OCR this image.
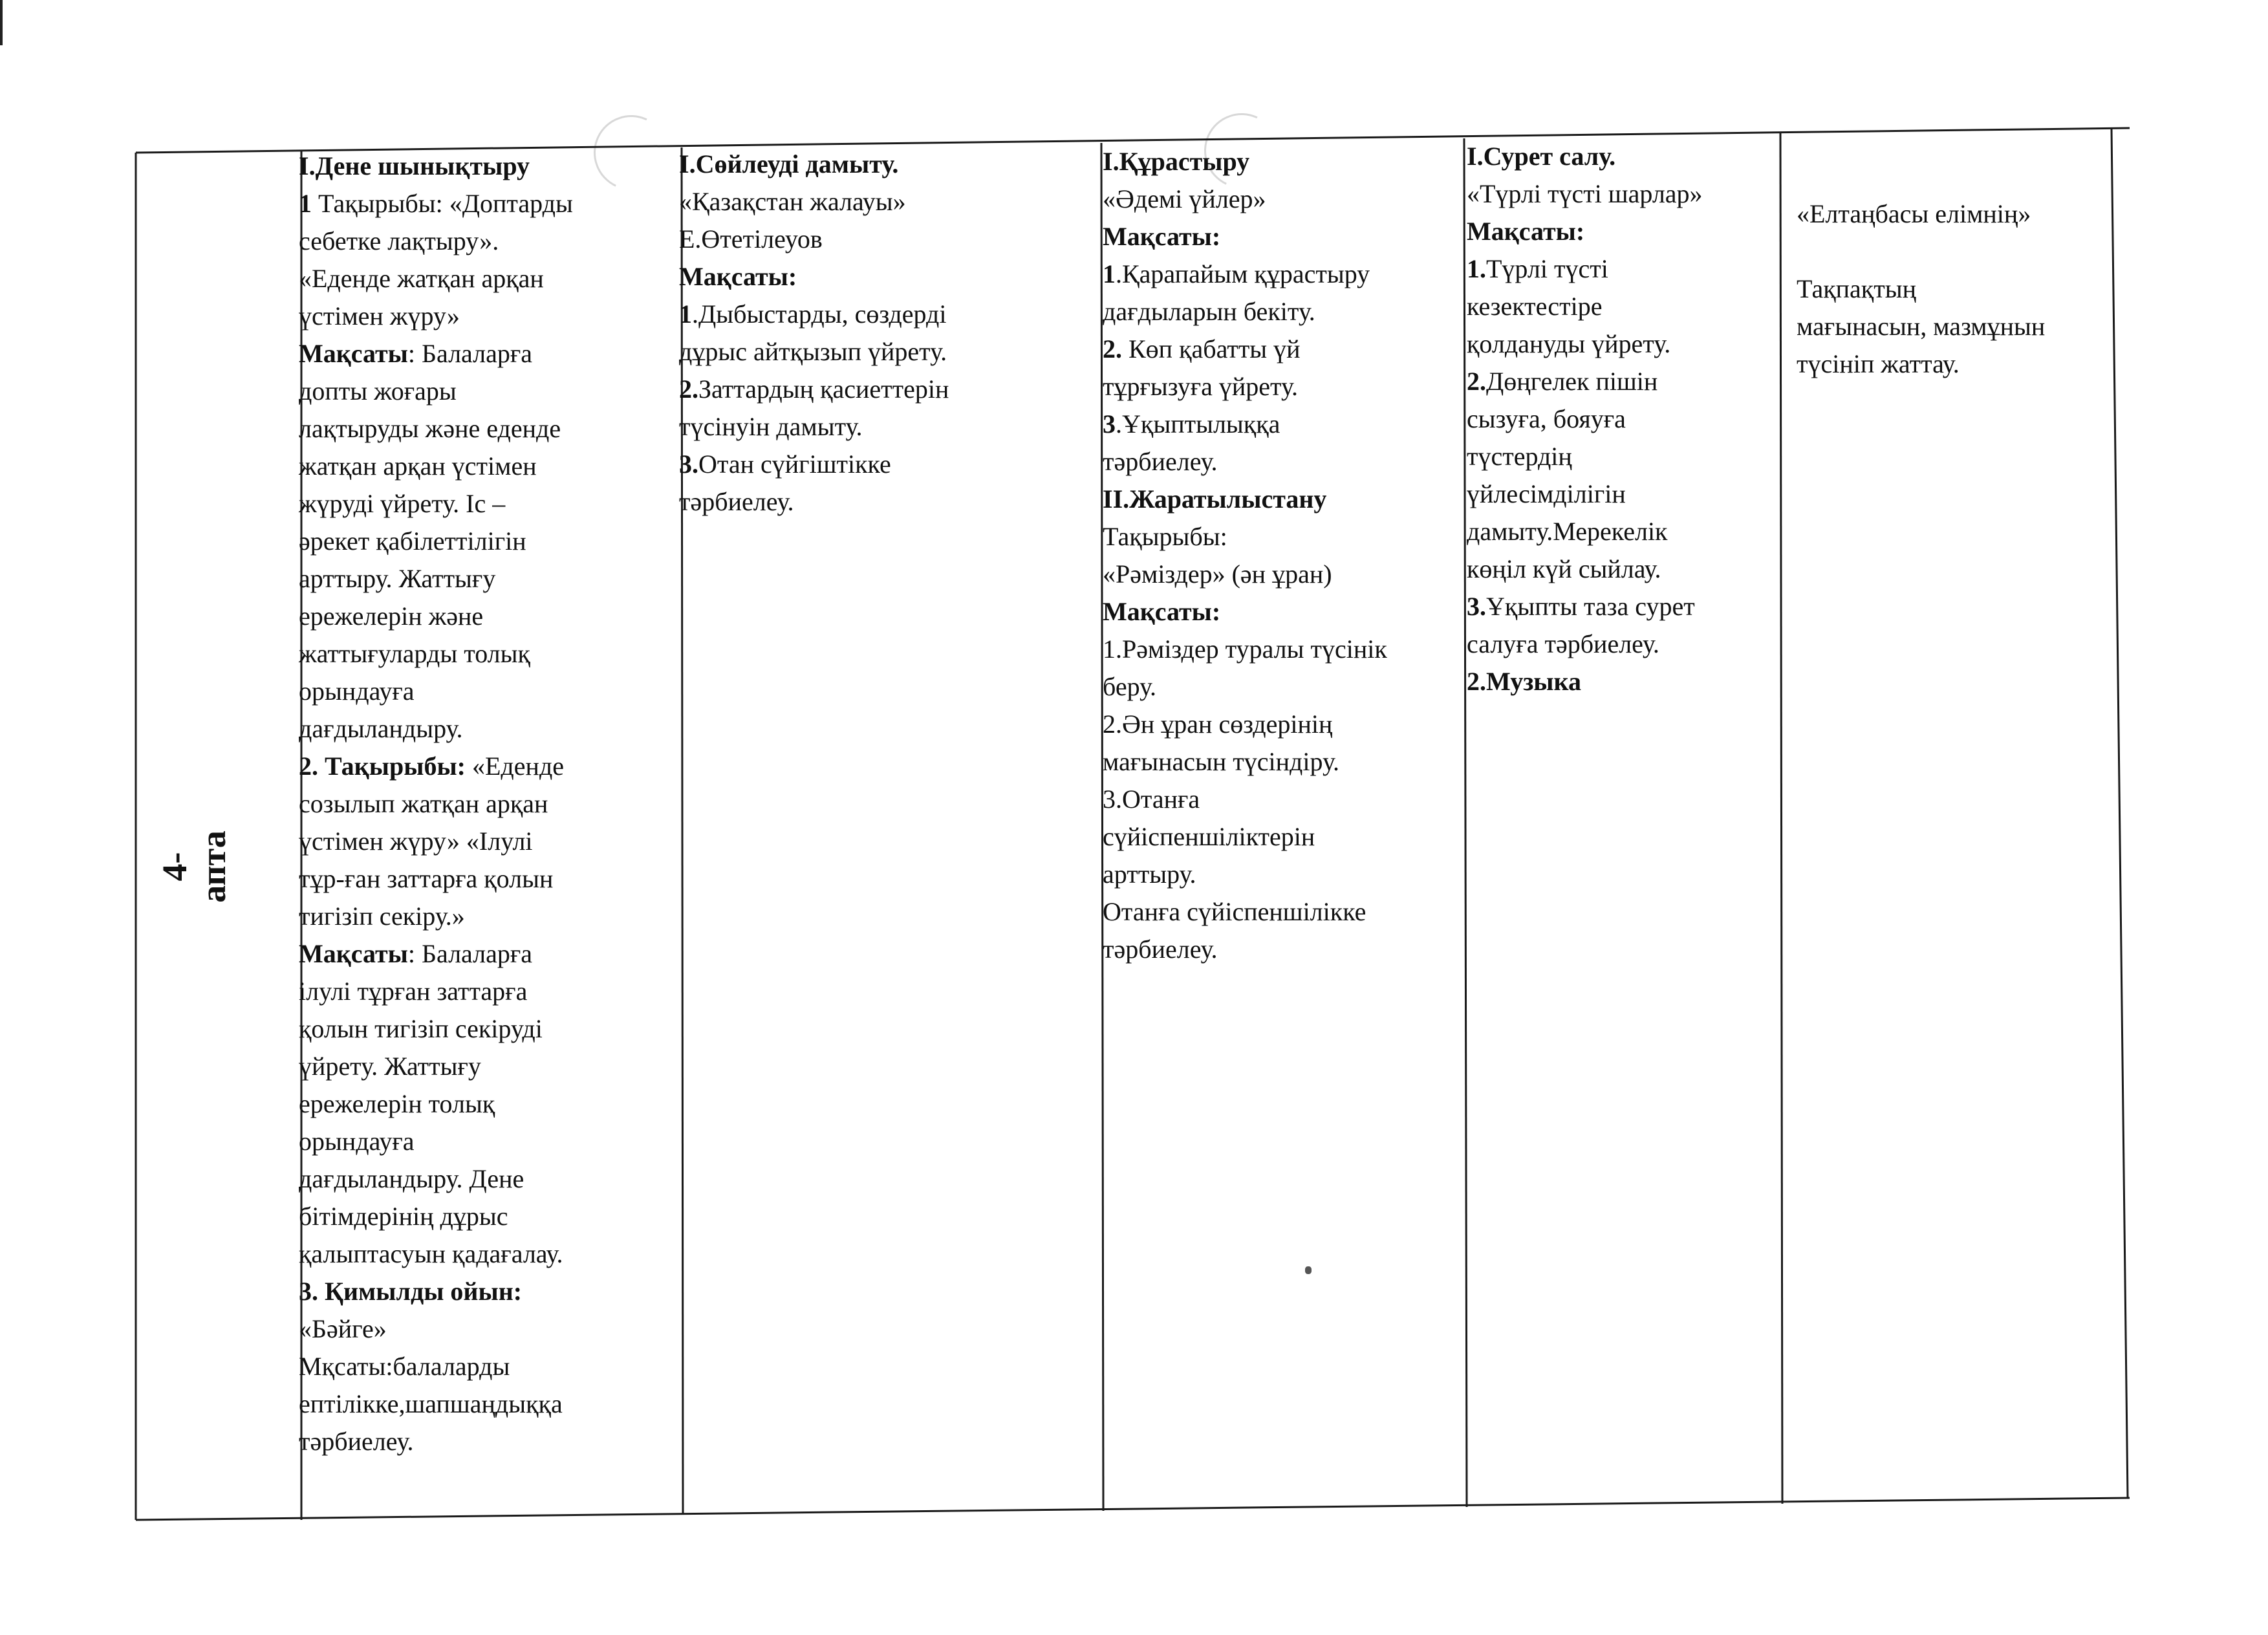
4-апта

І.Дене шынықтыру

1 Тақырыбы: «Доптарды

себетке лақтыру».

«Еденде жатқан арқан

үстімен жүру»

Мақсаты: Балаларға

допты жоғары

лақтыруды және еденде

жатқан арқан үстімен

жүруді үйрету. Іс –

әрекет қабілеттілігін

арттыру. Жаттығу

ережелерін және

жаттығуларды толық

орындауға

дағдыландыру.

2. Тақырыбы: «Еденде

созылып жатқан арқан

үстімен жүру» «Ілулі

тұр-ған заттарға қолын

тигізіп секіру.»

Мақсаты: Балаларға

ілулі тұрған заттарға

қолын тигізіп секіруді

үйрету. Жаттығу

ережелерін толық

орындауға

дағдыландыру. Дене

бітімдерінің дұрыс

қалыптасуын қадағалау.

3. Қимылды ойын:

«Бәйге»

Мқсаты:балаларды

ептілікке,шапшаңдыққа

тәрбиелеу.

І.Сөйлеуді дамыту.

«Қазақстан жалауы»

Е.Өтетілеуов

Мақсаты:

1.Дыбыстарды, сөздерді

дұрыс айтқызып үйрету.

2.Заттардың қасиеттерін

түсінуін дамыту.

3.Отан сүйгіштікке

тәрбиелеу.

І.Құрастыру

«Әдемі үйлер»

Мақсаты:

1.Қарапайым құрастыру

дағдыларын бекіту.

2. Көп қабатты үй

тұрғызуға үйрету.

3.Ұқыптылыққа

тәрбиелеу.

ІІ.Жаратылыстану

Тақырыбы:

«Рәміздер» (ән ұран)

Мақсаты:

1.Рәміздер туралы түсінік

беру.

2.Ән ұран сөздерінің

мағынасын түсіндіру.

3.Отанға

сүйіспеншіліктерін

арттыру.

Отанға сүйіспеншілікке

тәрбиелеу.

І.Сурет салу.

«Түрлі түсті шарлар»

Мақсаты:

1.Түрлі түсті

кезектестіре

қолдануды үйрету.

2.Дөңгелек пішін

сызуға, бояуға

түстердің

үйлесімділігін

дамыту.Мерекелік

көңіл күй сыйлау.

3.Ұқыпты таза сурет

салуға тәрбиелеу.

2.Музыка

«Елтаңбасы елімнің»

Тақпақтың

мағынасын, мазмұнын

түсініп жаттау.
